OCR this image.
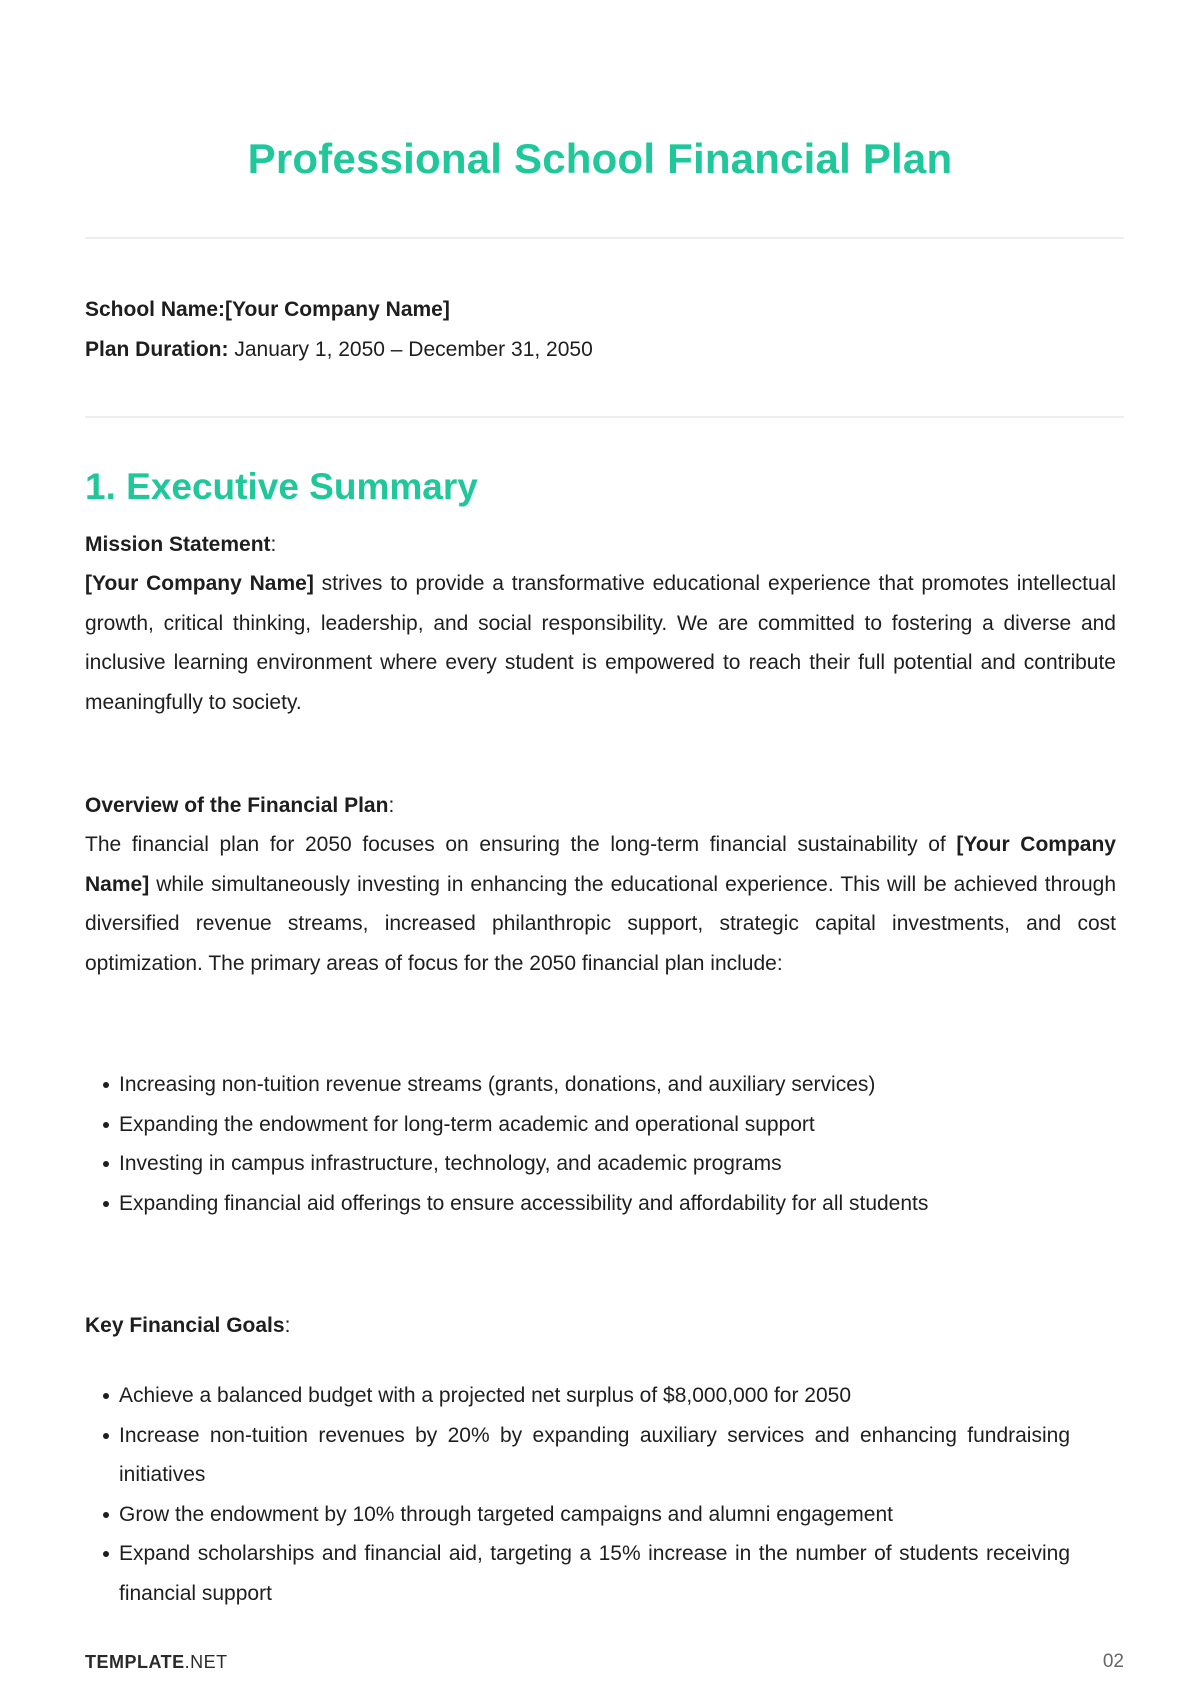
Professional School Financial Plan
School Name:[Your Company Name]
Plan Duration: January 1, 2050 – December 31, 2050
1. Executive Summary

Mission Statement:

[Your Company Name] strives to provide a transformative educational experience that promotes intellectual growth, critical thinking, leadership, and social responsibility. We are committed to fostering a diverse and inclusive learning environment where every student is empowered to reach their full potential and contribute meaningfully to society.

Overview of the Financial Plan:

The financial plan for 2050 focuses on ensuring the long-term financial sustainability of [Your Company Name] while simultaneously investing in enhancing the educational experience. This will be achieved through diversified revenue streams, increased philanthropic support, strategic capital investments, and cost optimization. The primary areas of focus for the 2050 financial plan include:

Increasing non-tuition revenue streams (grants, donations, and auxiliary services)
Expanding the endowment for long-term academic and operational support
Investing in campus infrastructure, technology, and academic programs
Expanding financial aid offerings to ensure accessibility and affordability for all students

Key Financial Goals:

Achieve a balanced budget with a projected net surplus of $8,000,000 for 2050
Increase non-tuition revenues by 20% by expanding auxiliary services and enhancing fundraising initiatives
Grow the endowment by 10% through targeted campaigns and alumni engagement
Expand scholarships and financial aid, targeting a 15% increase in the number of students receiving financial support
TEMPLATE.NET	02
